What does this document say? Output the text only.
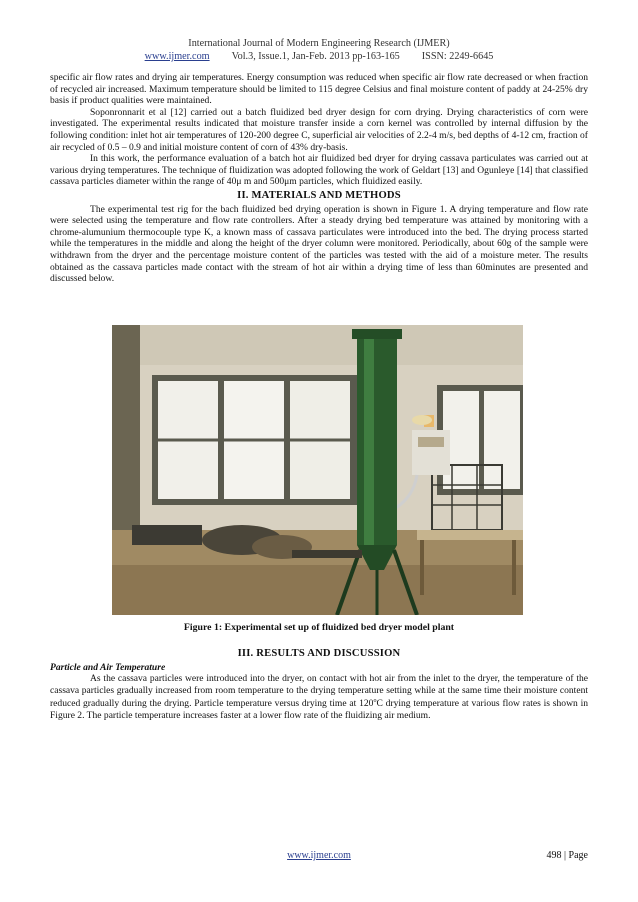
International Journal of Modern Engineering Research (IJMER)
www.ijmer.com Vol.3, Issue.1, Jan-Feb. 2013 pp-163-165 ISSN: 2249-6645

specific air flow rates and drying air temperatures. Energy consumption was reduced when specific air flow rate decreased or when fraction of recycled air increased. Maximum temperature should be limited to 115 degree Celsius and final moisture content of paddy at 24-25% dry basis if product qualities were maintained.

Soponronnarit et al [12] carried out a batch fluidized bed dryer design for corn drying. Drying characteristics of corn were investigated. The experimental results indicated that moisture transfer inside a corn kernel was controlled by internal diffusion by the following condition: inlet hot air temperatures of 120-200 degree C, superficial air velocities of 2.2-4 m/s, bed depths of 4-12 cm, fraction of air recycled of 0.5 – 0.9 and initial moisture content of corn of 43% dry-basis.

In this work, the performance evaluation of a batch hot air fluidized bed dryer for drying cassava particulates was carried out at various drying temperatures. The technique of fluidization was adopted following the work of Geldart [13] and Ogunleye [14] that classified cassava particles diameter within the range of 40μ m and 500μm particles, which fluidized easily.

II. MATERIALS AND METHODS

The experimental test rig for the bach fluidized bed drying operation is shown in Figure 1. A drying temperature and flow rate were selected using the temperature and flow rate controllers. After a steady drying bed temperature was attained by monitoring with a chrome-alumunium thermocouple type K, a known mass of cassava particulates were introduced into the bed. The drying process started while the temperatures in the middle and along the height of the dryer column were monitored. Periodically, about 60g of the sample were withdrawn from the dryer and the percentage moisture content of the particles was tested with the aid of a moisture meter. The results obtained as the cassava particles made contact with the stream of hot air within a drying time of less than 60minutes are presented and discussed below.

Figure 1: Experimental set up of fluidized bed dryer model plant

III. RESULTS AND DISCUSSION

Particle and Air Temperature

As the cassava particles were introduced into the dryer, on contact with hot air from the inlet to the dryer, the temperature of the cassava particles gradually increased from room temperature to the drying temperature setting while at the same time their moisture content reduced gradually during the drying. Particle temperature versus drying time at 120$^o$C drying temperature at various flow rates is shown in Figure 2. The particle temperature increases faster at a lower flow rate of the fluidizing air medium.

www.ijmer.com	498 | Page
